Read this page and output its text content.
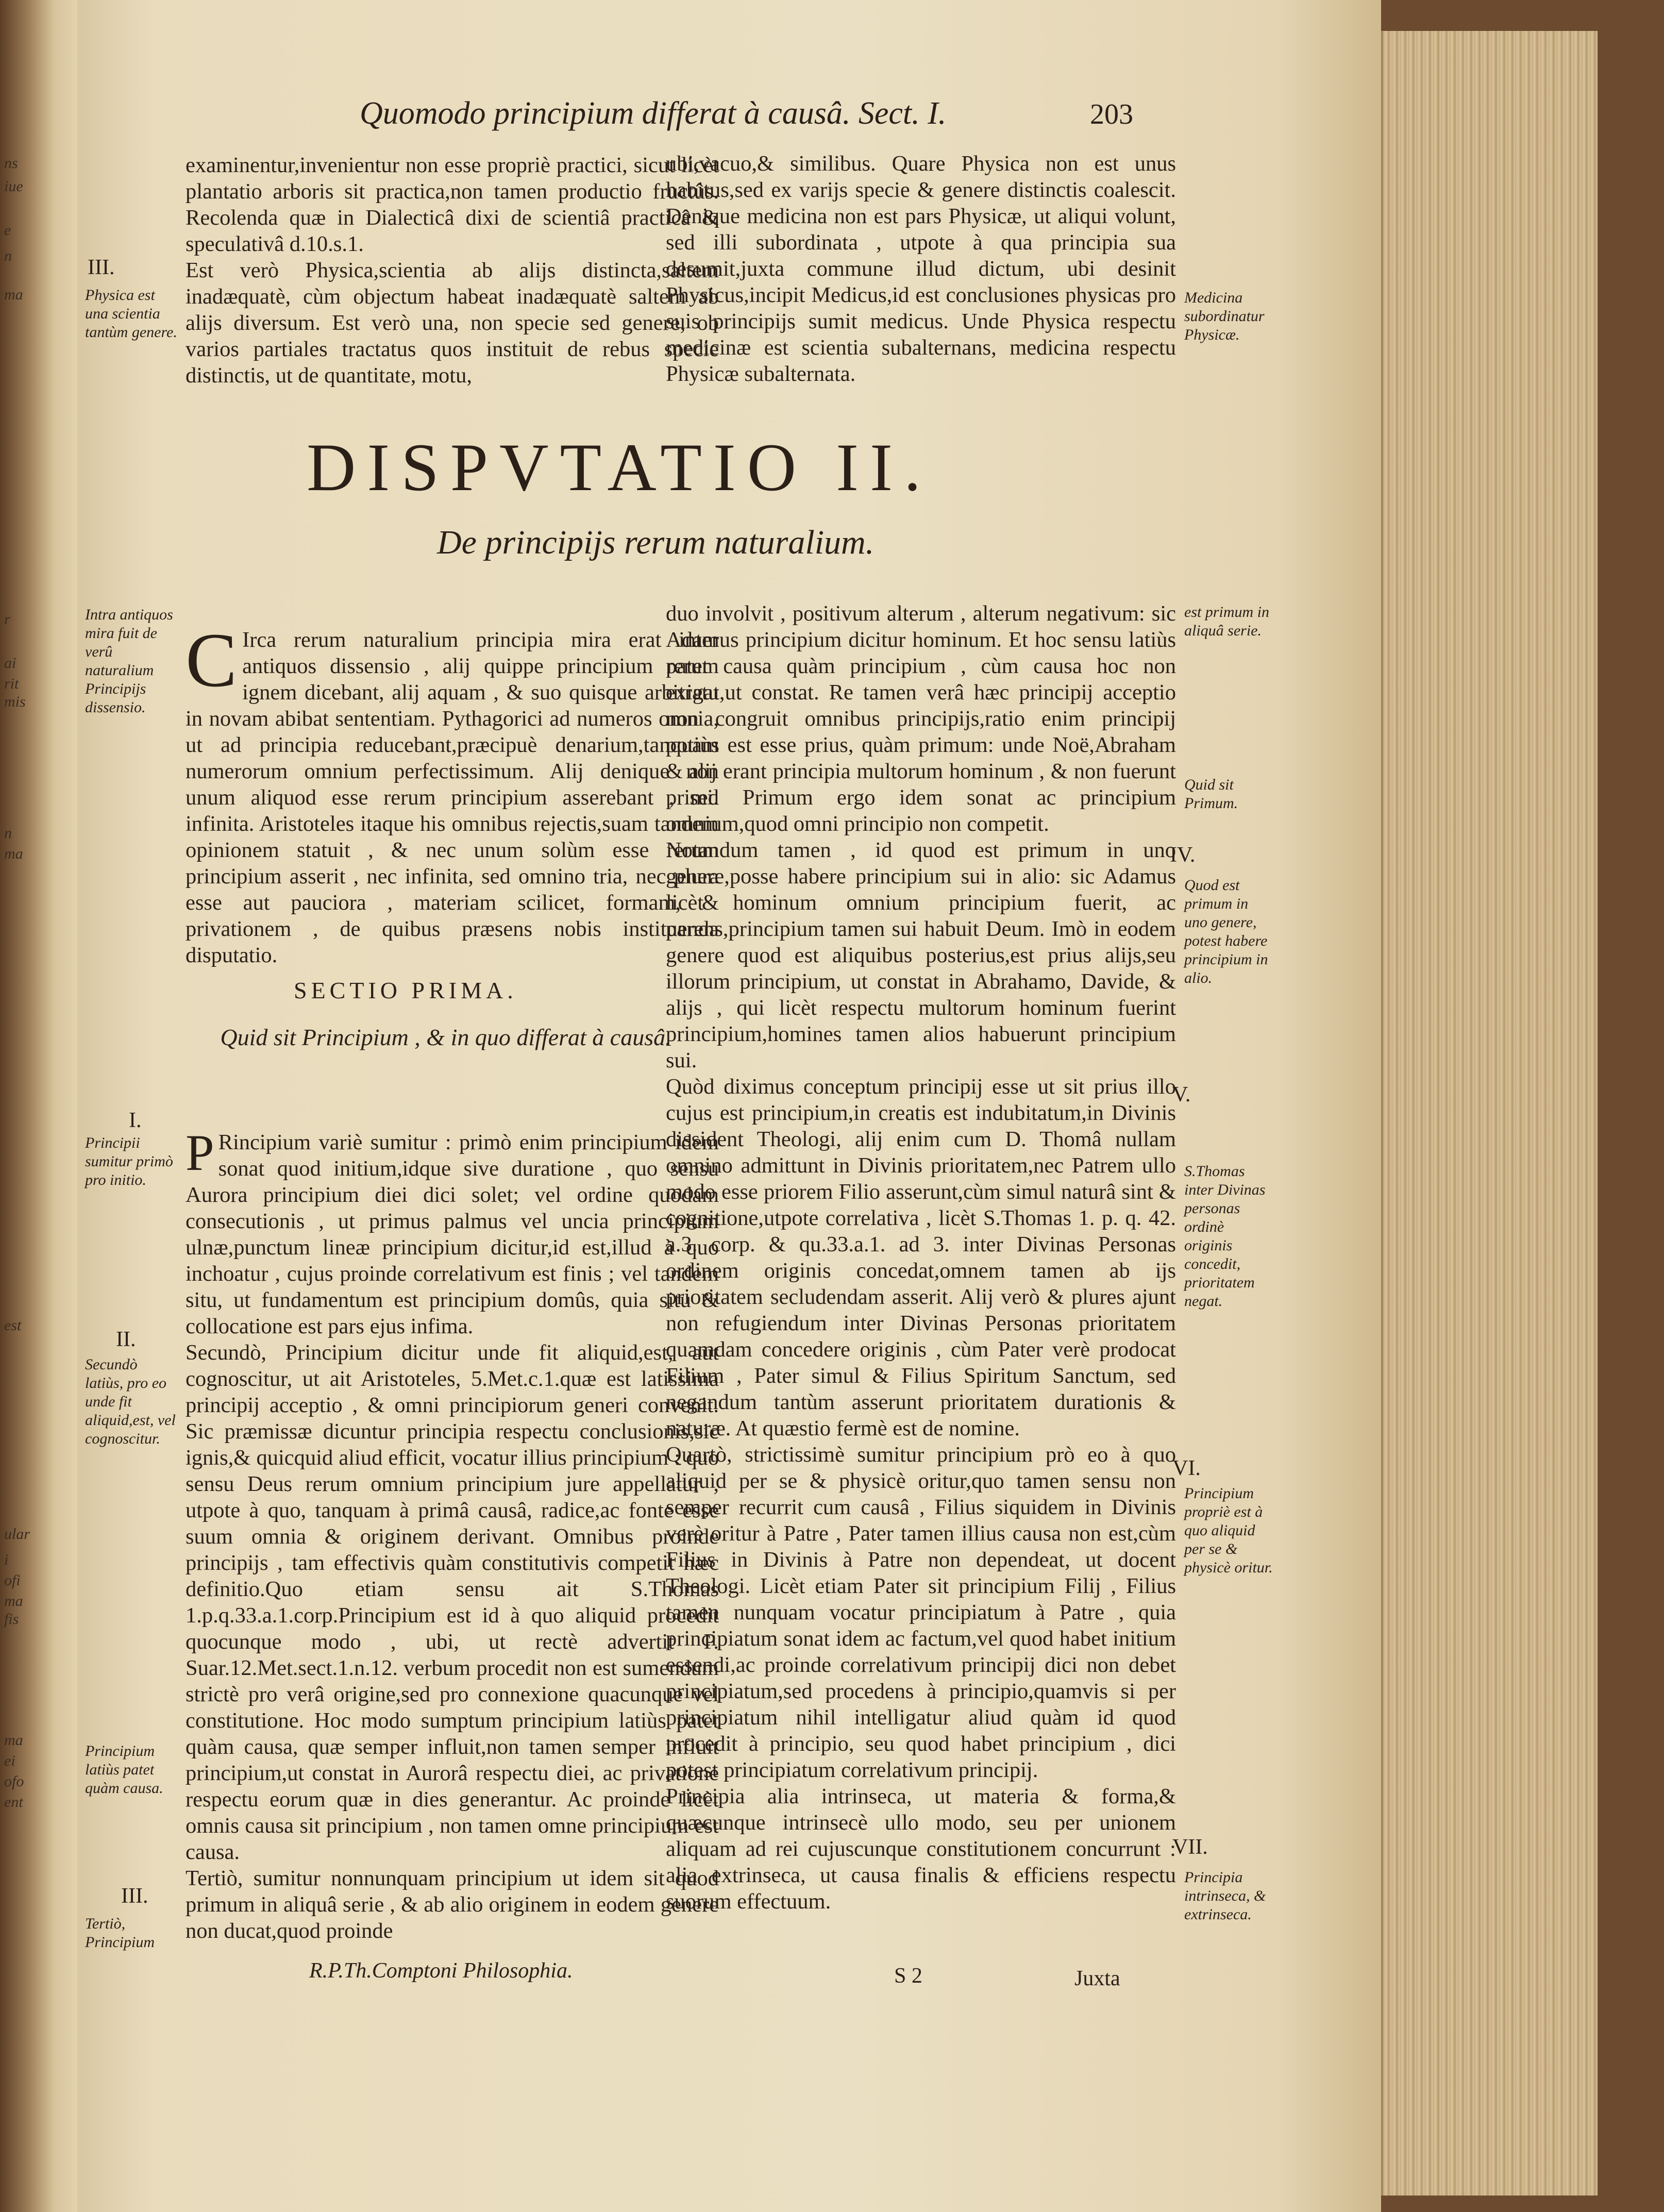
ns
iue
e
n
ma
r
ai
rit
mis
n
ma
est
ular
i
ofi
ma
fis
ma
ei
ofo
ent
Quomodo principium differat à causâ. Sect. I.	203
examinentur,invenientur non esse propriè practici, sicut licèt plantatio arboris sit practica,non tamen productio fructûs. Recolenda quæ in Dialecticâ dixi de scientiâ practicâ & speculativâ d.10.s.1.
Est verò Physica,scientia ab alijs distincta,saltem inadæquatè, cùm objectum habeat inadæquatè saltem ab alijs diversum. Est verò una, non specie sed genere, ob varios partiales tractatus quos instituit de rebus specie distinctis, ut de quantitate, motu,
ubi,vacuo,& similibus. Quare Physica non est unus habitus,sed ex varijs specie & genere distinctis coalescit. Denique medicina non est pars Physicæ, ut aliqui volunt, sed illi subordinata , utpote à qua principia sua desumit,juxta commune illud dictum, ubi desinit Physicus,incipit Medicus,id est conclusiones physicas pro suis principijs sumit medicus. Unde Physica respectu medicinæ est scientia subalternans, medicina respectu Physicæ subalternata.
III.
Physica est una scientia tantùm genere.
Medicina subordinatur Physicæ.
DISPVTATIO II.
De principijs rerum naturalium.
Intra antiquos mira fuit de verû naturalium Principijs dissensio.

C Irca rerum naturalium principia mira erat inter antiquos dissensio , alij quippe principium rerum ignem dicebant, alij aquam , & suo quisque arbitratu in novam abibat sententiam. Pythagorici ad numeros omnia, ut ad principia reducebant,præcipuè denarium,tanquam numerorum omnium perfectissimum. Alij denique non unum aliquod esse rerum principium asserebant , sed infinita. Aristoteles itaque his omnibus rejectis,suam tandem opinionem statuit , & nec unum solùm esse rerum principium asserit , nec infinita, sed omnino tria, nec plura esse aut pauciora , materiam scilicet, formam, & privationem , de quibus præsens nobis instituenda disputatio.

SECTIO PRIMA.
Quid sit Principium , & in quo differat à causâ.
I.
Principii sumitur primò pro initio.
II.
Secundò latiùs, pro eo unde fit aliquid,est, vel cognoscitur.
Principium latiùs patet quàm causa.
III.
Tertiò, Principium

P Rincipium variè sumitur : primò enim principium idem sonat quod initium,idque sive duratione , quo sensu Aurora principium diei dici solet; vel ordine quodam consecutionis , ut primus palmus vel uncia principium ulnæ,punctum lineæ principium dicitur,id est,illud à quo inchoatur , cujus proinde correlativum est finis ; vel tandem situ, ut fundamentum est principium domûs, quia situ & collocatione est pars ejus infima.
Secundò, Principium dicitur unde fit aliquid,est, aut cognoscitur, ut ait Aristoteles, 5.Met.c.1.quæ est latissima principij acceptio , & omni principiorum generi convenit. Sic præmissæ dicuntur principia respectu conclusionis,sic ignis,& quicquid aliud efficit, vocatur illius principium : quo sensu Deus rerum omnium principium jure appellatur , utpote à quo, tanquam à primâ causâ, radice,ac fonte esse suum omnia & originem derivant. Omnibus proinde principijs , tam effectivis quàm constitutivis competit hæc definitio.Quo etiam sensu ait S.Thomas 1.p.q.33.a.1.corp.Principium est id à quo aliquid procedit quocunque modo , ubi, ut rectè advertit P. Suar.12.Met.sect.1.n.12. verbum procedit non est sumendum strictè pro verâ origine,sed pro connexione quacunque vel constitutione. Hoc modo sumptum principium latiùs patet quàm causa, quæ semper influit,non tamen semper influit principium,ut constat in Aurorâ respectu diei, ac privatione respectu eorum quæ in dies generantur. Ac proinde licèt omnis causa sit principium , non tamen omne principium est causa.
Tertiò, sumitur nonnunquam principium ut idem sit quod primum in aliquâ serie , & ab alio originem in eodem genere non ducat,quod proinde

duo involvit , positivum alterum , alterum negativum: sic Adamus principium dicitur hominum. Et hoc sensu latiùs patet causa quàm principium , cùm causa hoc non exigat,ut constat. Re tamen verâ hæc principij acceptio non congruit omnibus principijs,ratio enim principij potiùs est esse prius, quàm primum: unde Noë,Abraham & alij erant principia multorum hominum , & non fuerunt primi. Primum ergo idem sonat ac principium omnium,quod omni principio non competit.
Notandum tamen , id quod est primum in uno genere,posse habere principium sui in alio: sic Adamus licèt hominum omnium principium fuerit, ac parens,principium tamen sui habuit Deum. Imò in eodem genere quod est aliquibus posterius,est prius alijs,seu illorum principium, ut constat in Abrahamo, Davide, & alijs , qui licèt respectu multorum hominum fuerint principium,homines tamen alios habuerunt principium sui.
Quòd diximus conceptum principij esse ut sit prius illo cujus est principium,in creatis est indubitatum,in Divinis dissident Theologi, alij enim cum D. Thomâ nullam omnino admittunt in Divinis prioritatem,nec Patrem ullo modo esse priorem Filio asserunt,cùm simul naturâ sint & cognitione,utpote correlativa , licèt S.Thomas 1. p. q. 42. a.3. corp. & qu.33.a.1. ad 3. inter Divinas Personas ordinem originis concedat,omnem tamen ab ijs prioritatem secludendam asserit. Alij verò & plures ajunt non refugiendum inter Divinas Personas prioritatem quamdam concedere originis , cùm Pater verè prodocat Filium , Pater simul & Filius Spiritum Sanctum, sed negandum tantùm asserunt prioritatem durationis & naturæ. At quæstio fermè est de nomine.
Quartò, strictissimè sumitur principium prò eo à quo aliquid per se & physicè oritur,quo tamen sensu non semper recurrit cum causâ , Filius siquidem in Divinis verè oritur à Patre , Pater tamen illius causa non est,cùm Filius in Divinis à Patre non dependeat, ut docent Theologi. Licèt etiam Pater sit principium Filij , Filius tamen nunquam vocatur principiatum à Patre , quia principiatum sonat idem ac factum,vel quod habet initium essendi,ac proinde correlativum principij dici non debet principiatum,sed procedens à principio,quamvis si per principiatum nihil intelligatur aliud quàm id quod procedit à principio, seu quod habet principium , dici potest principiatum correlativum principij.
Principia alia intrinseca, ut materia & forma,& quæcunque intrinsecè ullo modo, seu per unionem aliquam ad rei cujuscunque constitutionem concurrunt : alia extrinseca, ut causa finalis & efficiens respectu suorum effectuum.
est primum in aliquâ serie.
Quid sit Primum.
IV.
Quod est primum in uno genere, potest habere principium in alio.
V.
S.Thomas inter Divinas personas ordinè originis concedit, prioritatem negat.
VI.
Principium propriè est à quo aliquid per se & physicè oritur.
VII.
Principia intrinseca, & extrinseca.
R.P.Th.Comptoni Philosophia.	S 2	Juxta
